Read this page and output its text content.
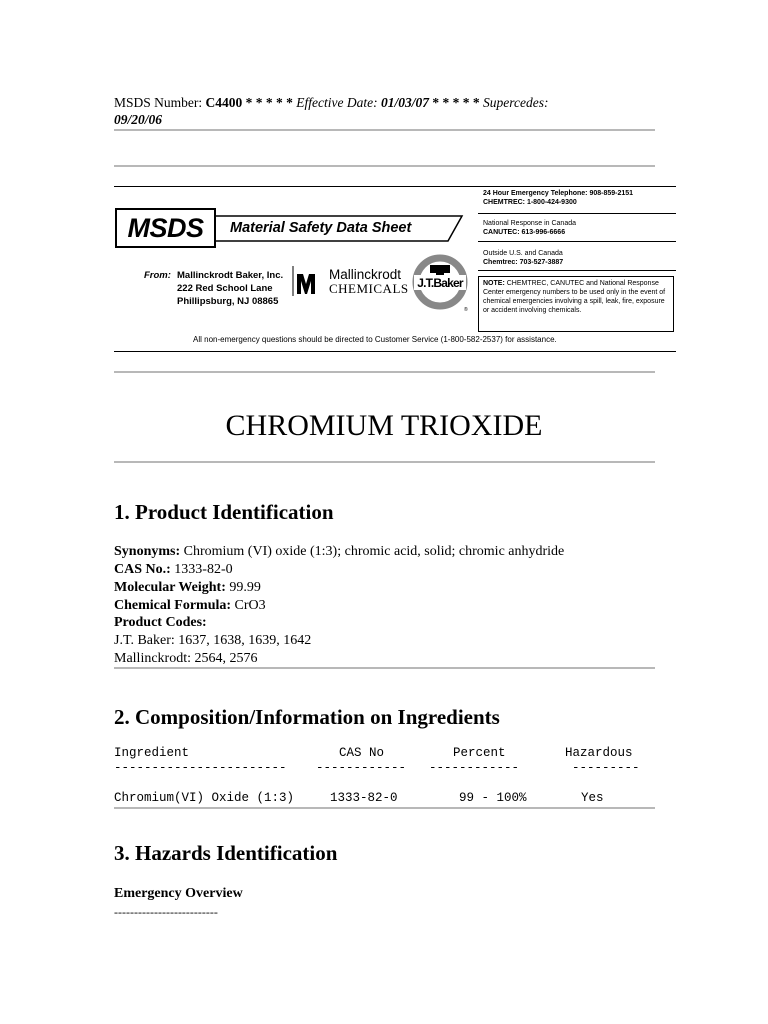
MSDS Number: C4400 * * * * * Effective Date: 01/03/07 * * * * * Supercedes:
09/20/06
MSDS	Material Safety Data Sheet
From: Mallinckrodt Baker, Inc.
222 Red School Lane
Phillipsburg, NJ 08865
Mallinckrodt
CHEMICALS J.T.Baker
®
24 Hour Emergency Telephone: 908-859-2151
CHEMTREC: 1-800-424-9300
National Response in Canada
CANUTEC: 613-996-6666
Outside U.S. and Canada
Chemtrec: 703-527-3887
NOTE: CHEMTREC, CANUTEC and National Response Center emergency numbers to be used only in the event of chemical emergencies involving a spill, leak, fire, exposure or accident involving chemicals.
All non-emergency questions should be directed to Customer Service (1-800-582-2537) for assistance.
CHROMIUM TRIOXIDE
1. Product Identification
Synonyms: Chromium (VI) oxide (1:3); chromic acid, solid; chromic anhydride
CAS No.: 1333-82-0
Molecular Weight: 99.99
Chemical Formula: CrO3
Product Codes:
J.T. Baker: 1637, 1638, 1639, 1642
Mallinckrodt: 2564, 2576
2. Composition/Information on Ingredients
Ingredient	CAS No	Percent	Hazardous
----------------------- ------------ ------------	---------
Chromium(VI) Oxide (1:3)	1333-82-0	99 - 100%	Yes
3. Hazards Identification
Emergency Overview
--------------------------
